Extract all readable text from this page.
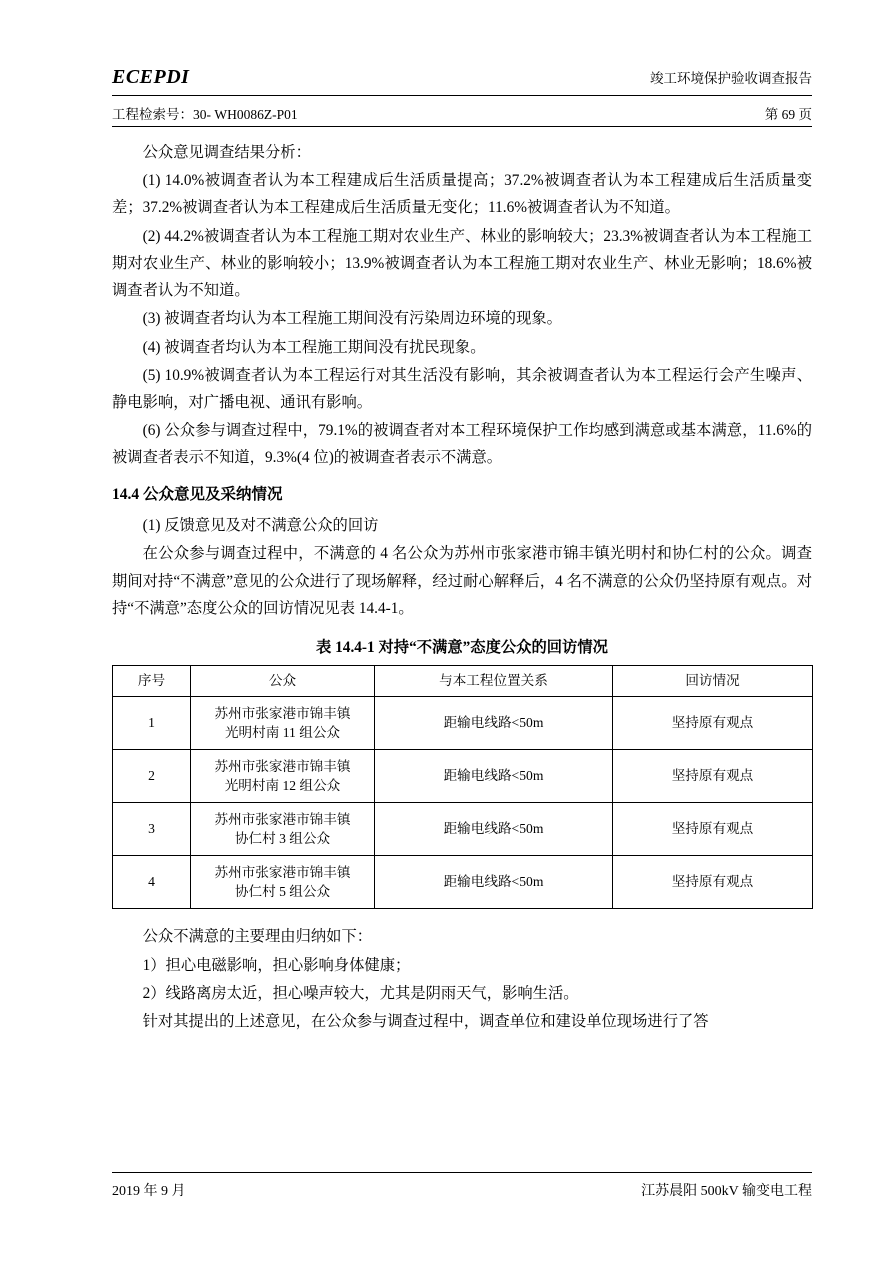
ECEPDI	竣工环境保护验收调查报告
工程检索号：30- WH0086Z-P01	第 69 页

公众意见调查结果分析：

(1) 14.0%被调查者认为本工程建成后生活质量提高；37.2%被调查者认为本工程建成后生活质量变差；37.2%被调查者认为本工程建成后生活质量无变化；11.6%被调查者认为不知道。

(2) 44.2%被调查者认为本工程施工期对农业生产、林业的影响较大；23.3%被调查者认为本工程施工期对农业生产、林业的影响较小；13.9%被调查者认为本工程施工期对农业生产、林业无影响；18.6%被调查者认为不知道。

(3) 被调查者均认为本工程施工期间没有污染周边环境的现象。

(4) 被调查者均认为本工程施工期间没有扰民现象。

(5) 10.9%被调查者认为本工程运行对其生活没有影响，其余被调查者认为本工程运行会产生噪声、静电影响，对广播电视、通讯有影响。

(6) 公众参与调查过程中，79.1%的被调查者对本工程环境保护工作均感到满意或基本满意，11.6%的被调查者表示不知道，9.3%(4 位)的被调查者表示不满意。

14.4 公众意见及采纳情况

(1) 反馈意见及对不满意公众的回访

在公众参与调查过程中，不满意的 4 名公众为苏州市张家港市锦丰镇光明村和协仁村的公众。调查期间对持“不满意”意见的公众进行了现场解释，经过耐心解释后，4 名不满意的公众仍坚持原有观点。对持“不满意”态度公众的回访情况见表 14.4-1。

表 14.4-1 对持“不满意”态度公众的回访情况
序号	公众	与本工程位置关系	回访情况
1	苏州市张家港市锦丰镇
光明村南 11 组公众	距输电线路<50m	坚持原有观点
2	苏州市张家港市锦丰镇
光明村南 12 组公众	距输电线路<50m	坚持原有观点
3	苏州市张家港市锦丰镇
协仁村 3 组公众	距输电线路<50m	坚持原有观点
4	苏州市张家港市锦丰镇
协仁村 5 组公众	距输电线路<50m	坚持原有观点

公众不满意的主要理由归纳如下：

1）担心电磁影响，担心影响身体健康；

2）线路离房太近，担心噪声较大，尤其是阴雨天气，影响生活。

针对其提出的上述意见，在公众参与调查过程中，调查单位和建设单位现场进行了答

2019 年 9 月	江苏晨阳 500kV 输变电工程
